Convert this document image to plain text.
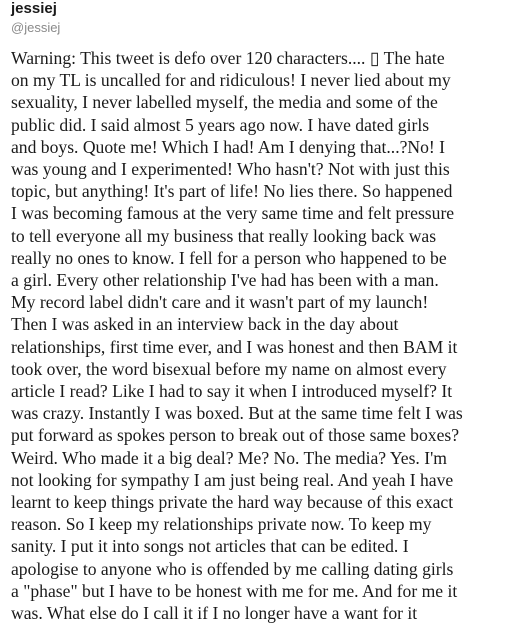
jessiej
@jessiej
Warning: This tweet is defo over 120 characters.... ▯ The hate
on my TL is uncalled for and ridiculous! I never lied about my
sexuality, I never labelled myself, the media and some of the
public did. I said almost 5 years ago now. I have dated girls
and boys. Quote me! Which I had! Am I denying that...?No! I
was young and I experimented! Who hasn't? Not with just this
topic, but anything! It's part of life! No lies there. So happened
I was becoming famous at the very same time and felt pressure
to tell everyone all my business that really looking back was
really no ones to know. I fell for a person who happened to be
a girl. Every other relationship I've had has been with a man.
My record label didn't care and it wasn't part of my launch!
Then I was asked in an interview back in the day about
relationships, first time ever, and I was honest and then BAM it
took over, the word bisexual before my name on almost every
article I read? Like I had to say it when I introduced myself? It
was crazy. Instantly I was boxed. But at the same time felt I was
put forward as spokes person to break out of those same boxes?
Weird. Who made it a big deal? Me? No. The media? Yes. I'm
not looking for sympathy I am just being real. And yeah I have
learnt to keep things private the hard way because of this exact
reason. So I keep my relationships private now. To keep my
sanity. I put it into songs not articles that can be edited. I
apologise to anyone who is offended by me calling dating girls
a "phase" but I have to be honest with me for me. And for me it
was. What else do I call it if I no longer have a want for it
